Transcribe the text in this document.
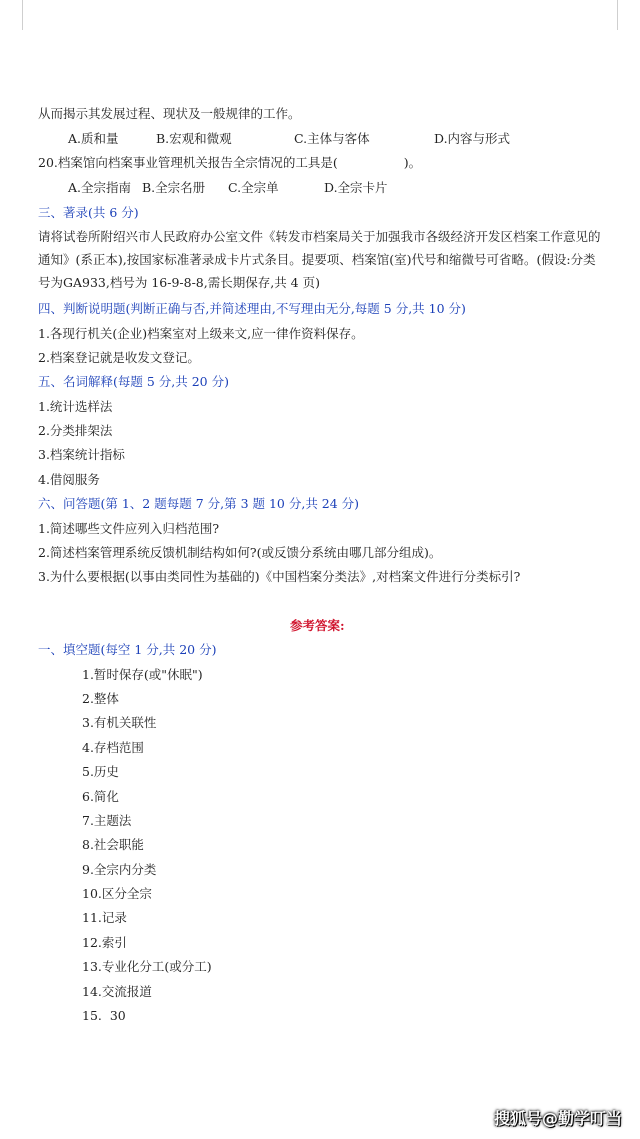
从而揭示其发展过程、现状及一般规律的工作。
A.质和量	B.宏观和微观	C.主体与客体	D.内容与形式
20.档案馆向档案事业管理机关报告全宗情况的工具是(	)。
A.全宗指南 B.全宗名册 C.全宗单	D.全宗卡片
三、著录(共 6 分)
请将试卷所附绍兴市人民政府办公室文件《转发市档案局关于加强我市各级经济开发区档案工作意见的通知》(系正本),按国家标准著录成卡片式条目。提要项、档案馆(室)代号和缩微号可省略。(假设:分类号为GA933,档号为 16-9-8-8,需长期保存,共 4 页)
四、判断说明题(判断正确与否,并简述理由,不写理由无分,每题 5 分,共 10 分)
1.各现行机关(企业)档案室对上级来文,应一律作资料保存。
2.档案登记就是收发文登记。
五、名词解释(每题 5 分,共 20 分)
1.统计选样法
2.分类排架法
3.档案统计指标
4.借阅服务
六、问答题(第 1、2 题每题 7 分,第 3 题 10 分,共 24 分)
1.简述哪些文件应列入归档范围?
2.简述档案管理系统反馈机制结构如何?(或反馈分系统由哪几部分组成)。
3.为什么要根据(以事由类同性为基础的)《中国档案分类法》,对档案文件进行分类标引?
参考答案:
一、填空题(每空 1 分,共 20 分)
1.暂时保存(或"休眠")
2.整体
3.有机关联性
4.存档范围
5.历史
6.简化
7.主题法
8.社会职能
9.全宗内分类
10.区分全宗
11.记录
12.索引
13.专业化分工(或分工)
14.交流报道
15.  30
搜狐号@勤学叮当
